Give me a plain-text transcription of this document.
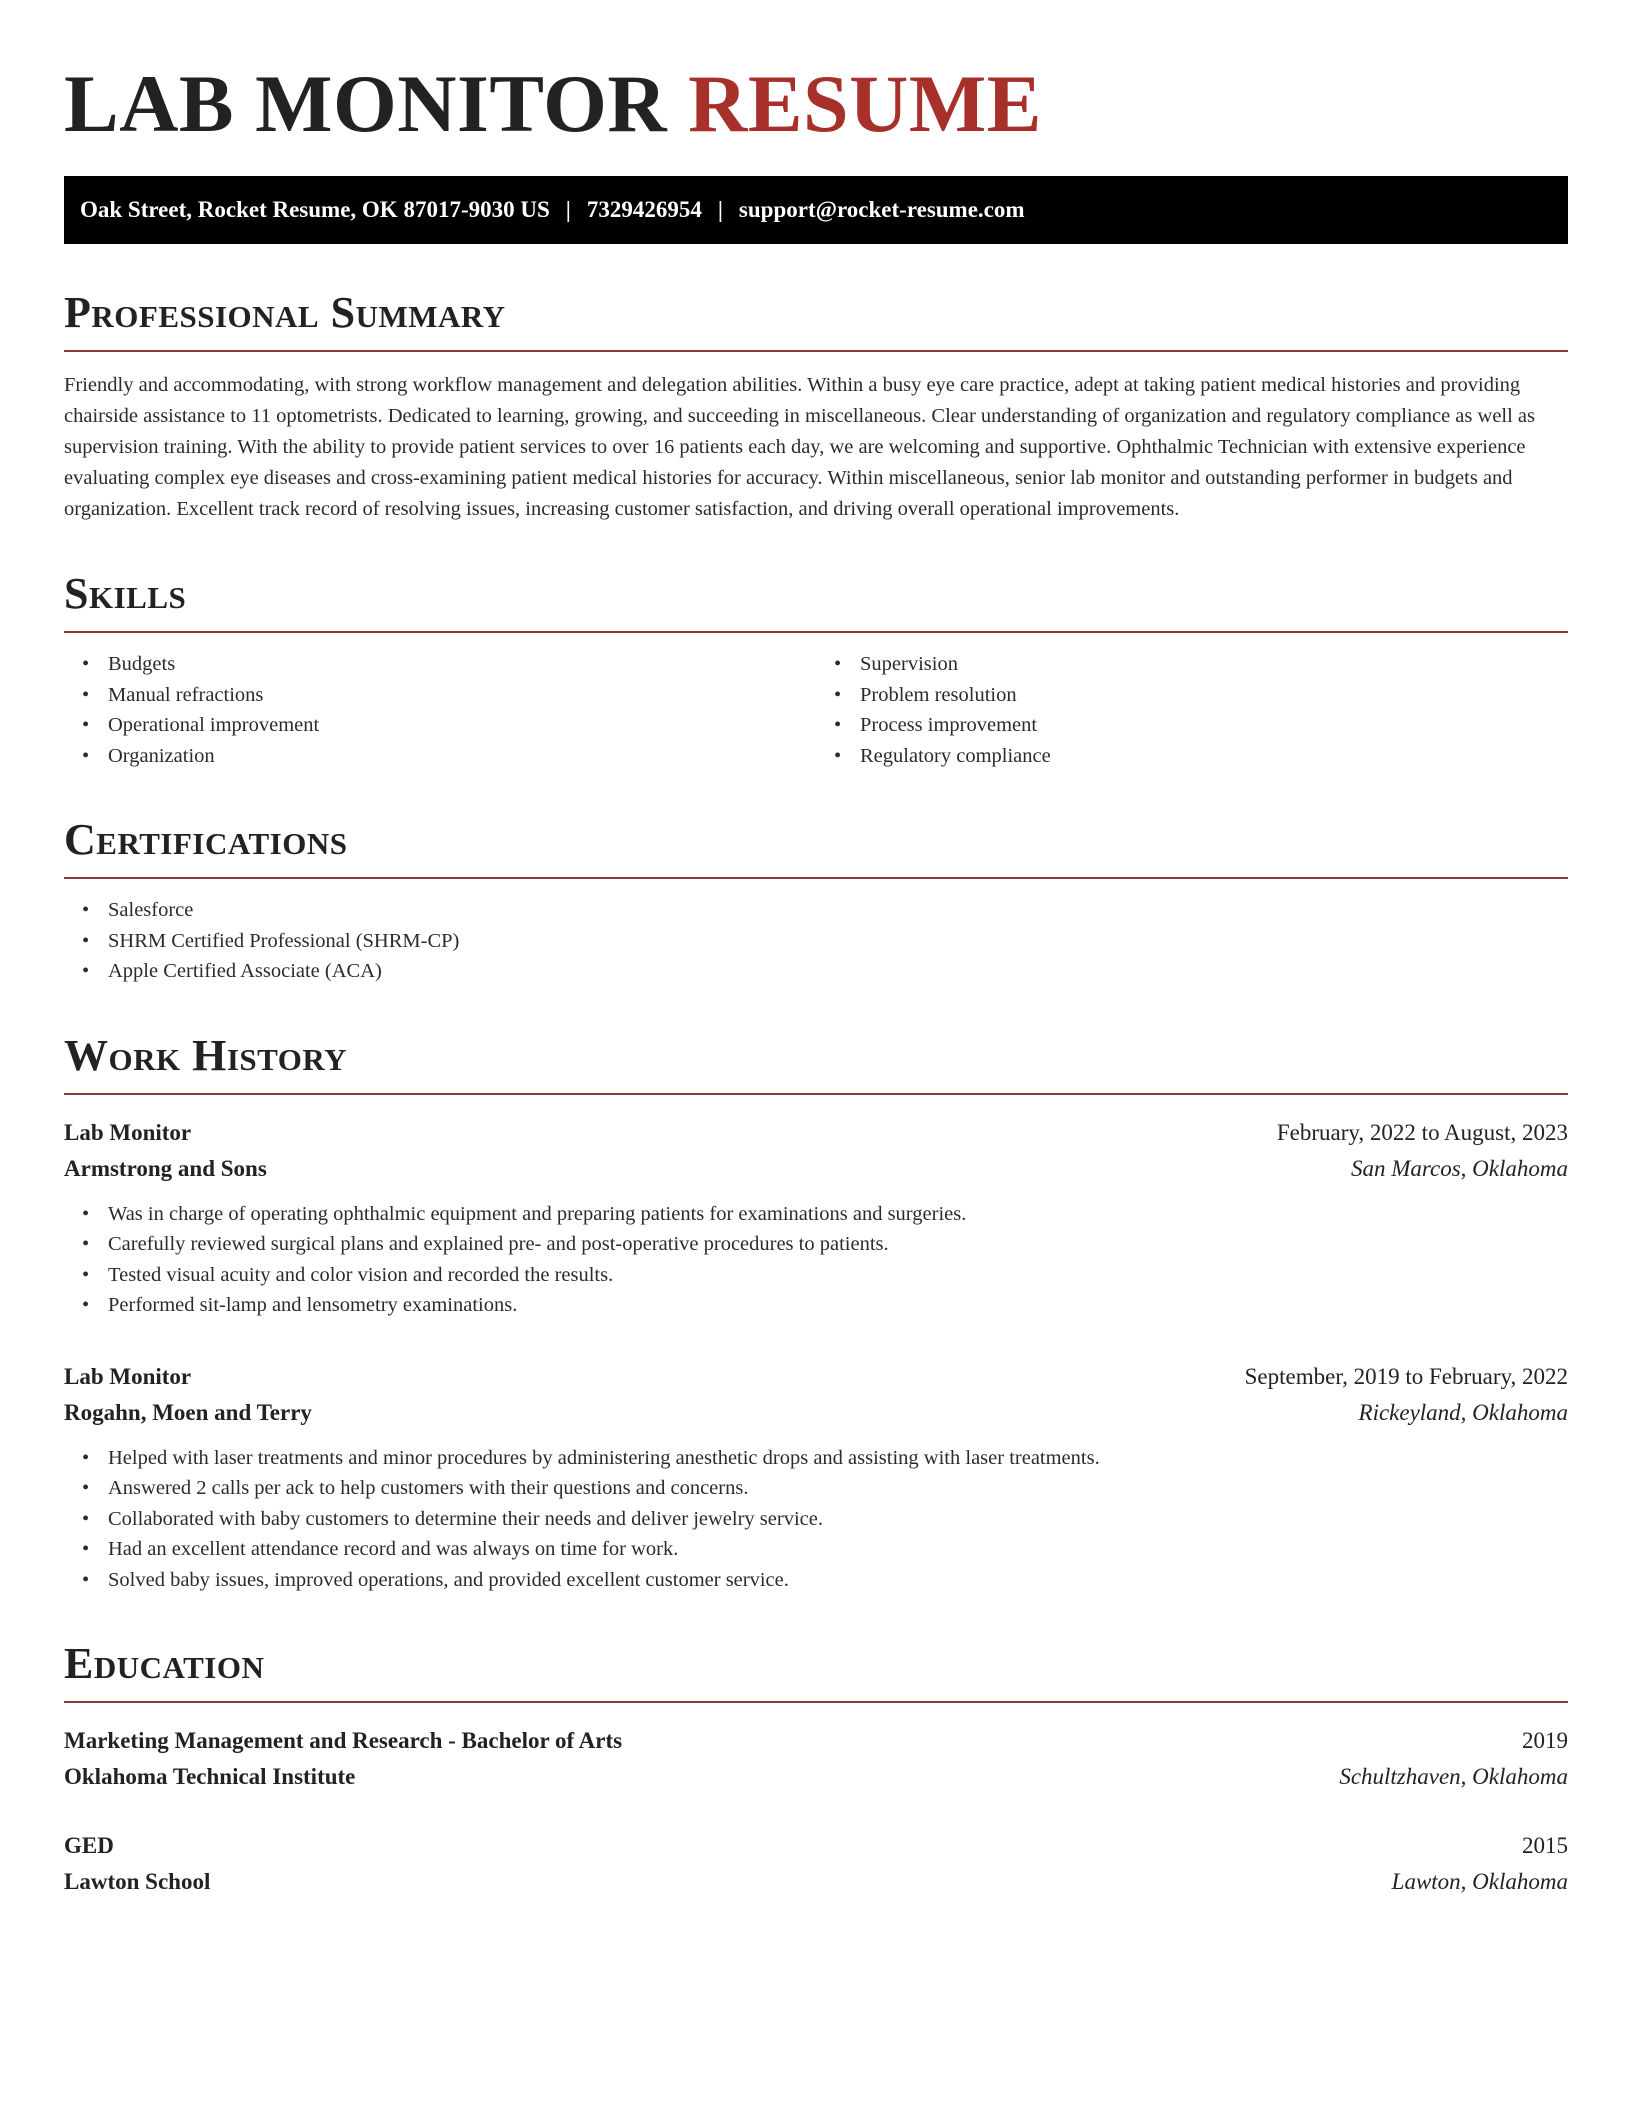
LAB MONITOR RESUME
Oak Street, Rocket Resume, OK 87017-9030 US | 7329426954 | support@rocket-resume.com
Professional Summary

Friendly and accommodating, with strong workflow management and delegation abilities. Within a busy eye care practice, adept at taking patient medical histories and providing chairside assistance to 11 optometrists. Dedicated to learning, growing, and succeeding in miscellaneous. Clear understanding of organization and regulatory compliance as well as supervision training. With the ability to provide patient services to over 16 patients each day, we are welcoming and supportive. Ophthalmic Technician with extensive experience evaluating complex eye diseases and cross-examining patient medical histories for accuracy. Within miscellaneous, senior lab monitor and outstanding performer in budgets and organization. Excellent track record of resolving issues, increasing customer satisfaction, and driving overall operational improvements.

Skills
• Budgets
• Manual refractions
• Operational improvement
• Organization
• Supervision
• Problem resolution
• Process improvement
• Regulatory compliance
Certifications
• Salesforce
• SHRM Certified Professional (SHRM-CP)
• Apple Certified Associate (ACA)
Work History
Lab Monitor	February, 2022 to August, 2023
Armstrong and Sons	San Marcos, Oklahoma
• Was in charge of operating ophthalmic equipment and preparing patients for examinations and surgeries.
• Carefully reviewed surgical plans and explained pre- and post-operative procedures to patients.
• Tested visual acuity and color vision and recorded the results.
• Performed sit-lamp and lensometry examinations.
Lab Monitor	September, 2019 to February, 2022
Rogahn, Moen and Terry	Rickeyland, Oklahoma
• Helped with laser treatments and minor procedures by administering anesthetic drops and assisting with laser treatments.
• Answered 2 calls per ack to help customers with their questions and concerns.
• Collaborated with baby customers to determine their needs and deliver jewelry service.
• Had an excellent attendance record and was always on time for work.
• Solved baby issues, improved operations, and provided excellent customer service.
Education
Marketing Management and Research - Bachelor of Arts	2019
Oklahoma Technical Institute	Schultzhaven, Oklahoma
GED	2015
Lawton School	Lawton, Oklahoma
